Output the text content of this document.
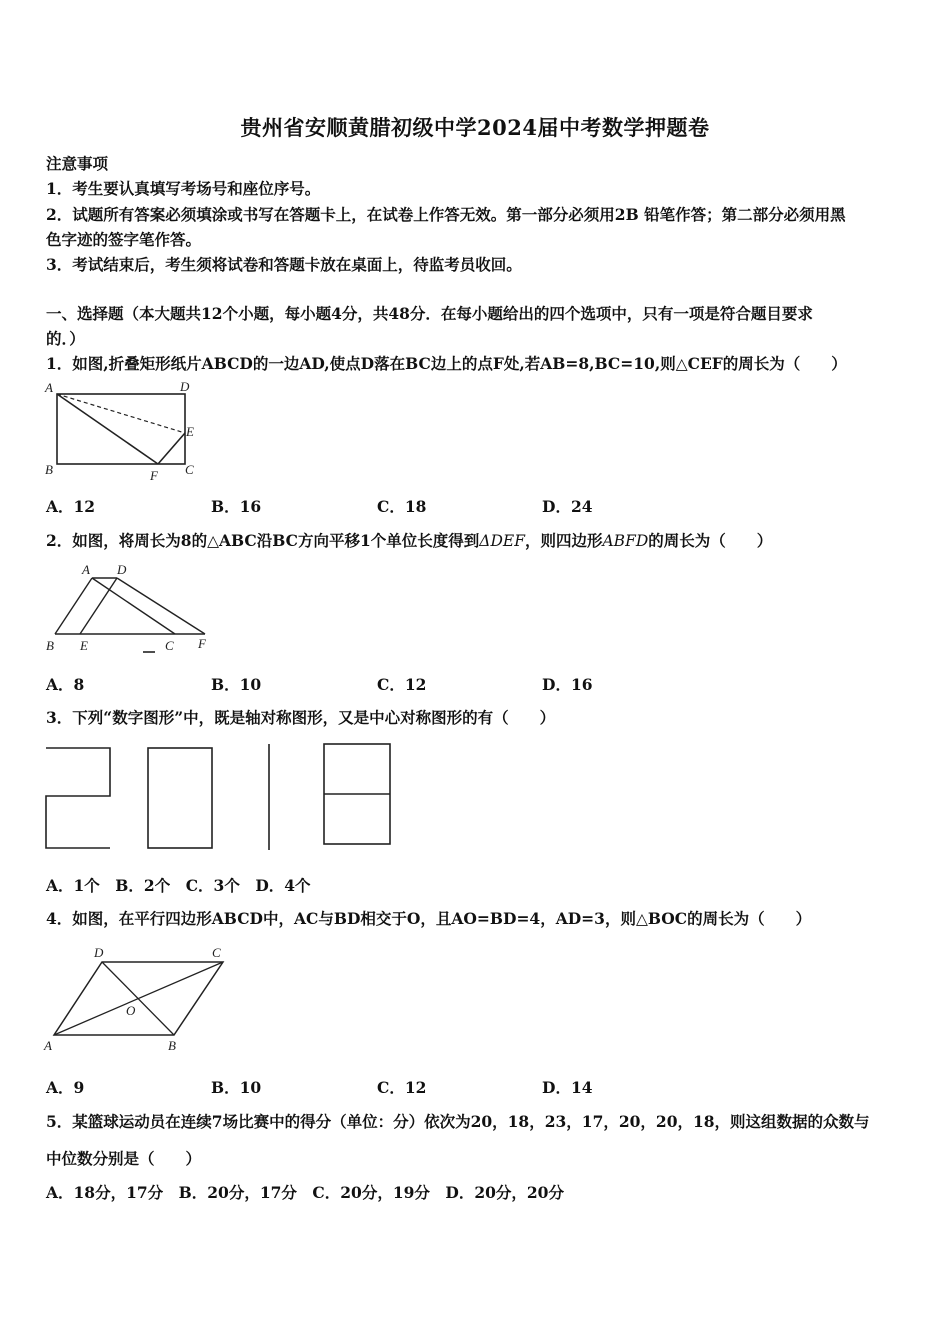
贵州省安顺黄腊初级中学2024届中考数学押题卷
注意事项
1．考生要认真填写考场号和座位序号。
2．试题所有答案必须填涂或书写在答题卡上，在试卷上作答无效。第一部分必须用2B 铅笔作答；第二部分必须用黑
色字迹的签字笔作答。
3．考试结束后，考生须将试卷和答题卡放在桌面上，待监考员收回。
一、选择题（本大题共12个小题，每小题4分，共48分．在每小题给出的四个选项中，只有一项是符合题目要求
的．）
1．如图,折叠矩形纸片ABCD的一边AD,使点D落在BC边上的点F处,若AB=8,BC=10,则△CEF的周长为（　　）
A	D
E
B	F C
A．12	B．16	C．18	D．24
2．如图，将周长为8的△ABC沿BC方向平移1个单位长度得到ΔDEF，则四边形ABFD的周长为（　　）
A D
B E	C F
A．8	B．10	C．12	D．16
3．下列“数字图形”中，既是轴对称图形，又是中心对称图形的有（　　）
A．1个　B．2个　C．3个　D．4个
4．如图，在平行四边形ABCD中，AC与BD相交于O，且AO=BD=4，AD=3，则△BOC的周长为（　　）
D	C
O
A	B
A．9	B．10	C．12	D．14
5．某篮球运动员在连续7场比赛中的得分（单位：分）依次为20，18，23，17，20，20，18，则这组数据的众数与
中位数分别是（　　）
A．18分，17分　B．20分，17分　C．20分，19分　D．20分，20分
